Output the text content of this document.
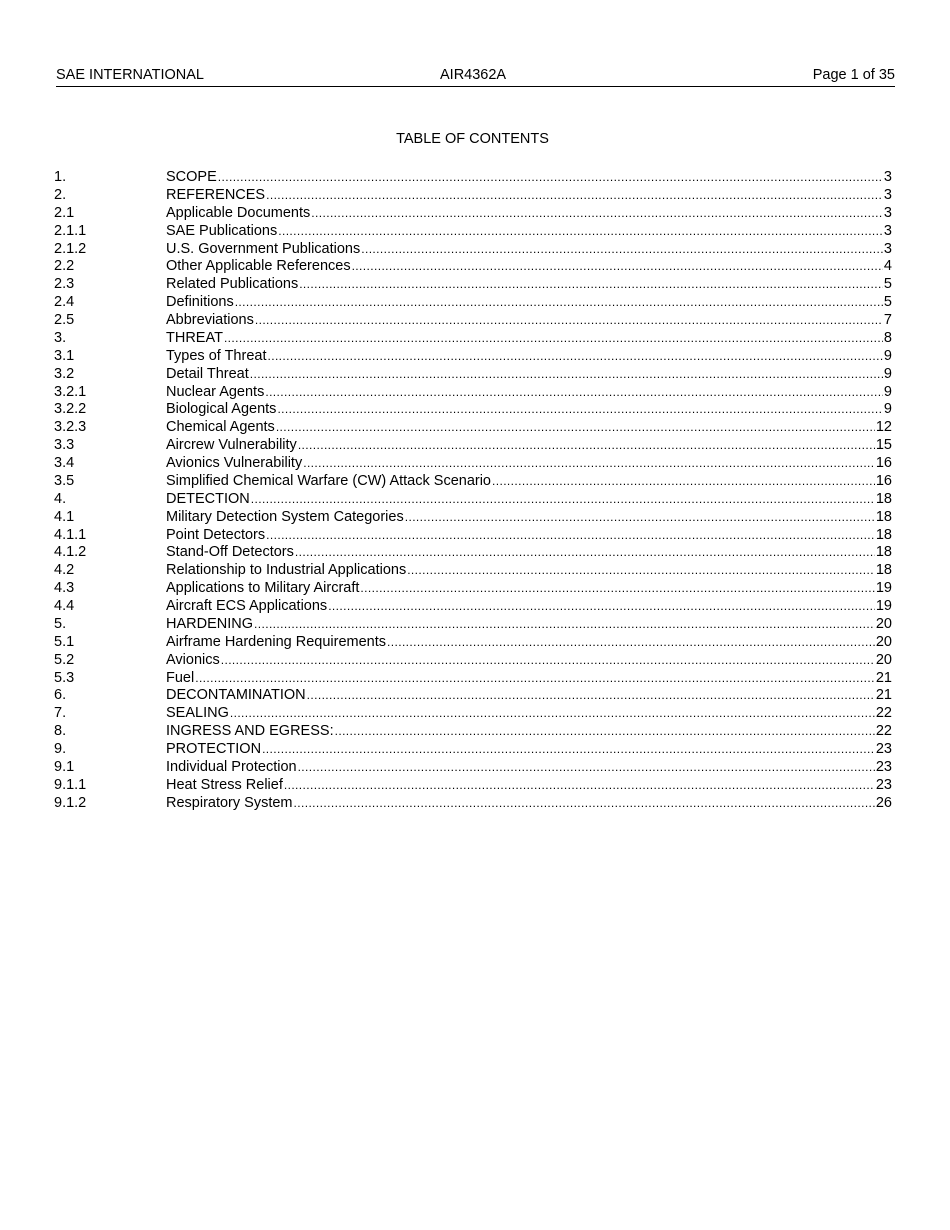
SAE INTERNATIONAL	AIR4362A	Page 1 of 35
TABLE OF CONTENTS
1.	SCOPE .....	3
2.	REFERENCES .....	3
2.1	Applicable Documents .....	3
2.1.1	SAE Publications .....	3
2.1.2	U.S. Government Publications .....	3
2.2	Other Applicable References .....	4
2.3	Related Publications .....	5
2.4	Definitions .....	5
2.5	Abbreviations .....	7
3.	THREAT .....	8
3.1	Types of Threat .....	9
3.2	Detail Threat .....	9
3.2.1	Nuclear Agents .....	9
3.2.2	Biological Agents .....	9
3.2.3	Chemical Agents .....	12
3.3	Aircrew Vulnerability .....	15
3.4	Avionics Vulnerability .....	16
3.5	Simplified Chemical Warfare (CW) Attack Scenario .....	16
4.	DETECTION .....	18
4.1	Military Detection System Categories .....	18
4.1.1	Point Detectors .....	18
4.1.2	Stand-Off Detectors .....	18
4.2	Relationship to Industrial Applications .....	18
4.3	Applications to Military Aircraft .....	19
4.4	Aircraft ECS Applications .....	19
5.	HARDENING .....	20
5.1	Airframe Hardening Requirements .....	20
5.2	Avionics .....	20
5.3	Fuel .....	21
6.	DECONTAMINATION .....	21
7.	SEALING .....	22
8.	INGRESS AND EGRESS: .....	22
9.	PROTECTION .....	23
9.1	Individual Protection .....	23
9.1.1	Heat Stress Relief .....	23
9.1.2	Respiratory System .....	26
